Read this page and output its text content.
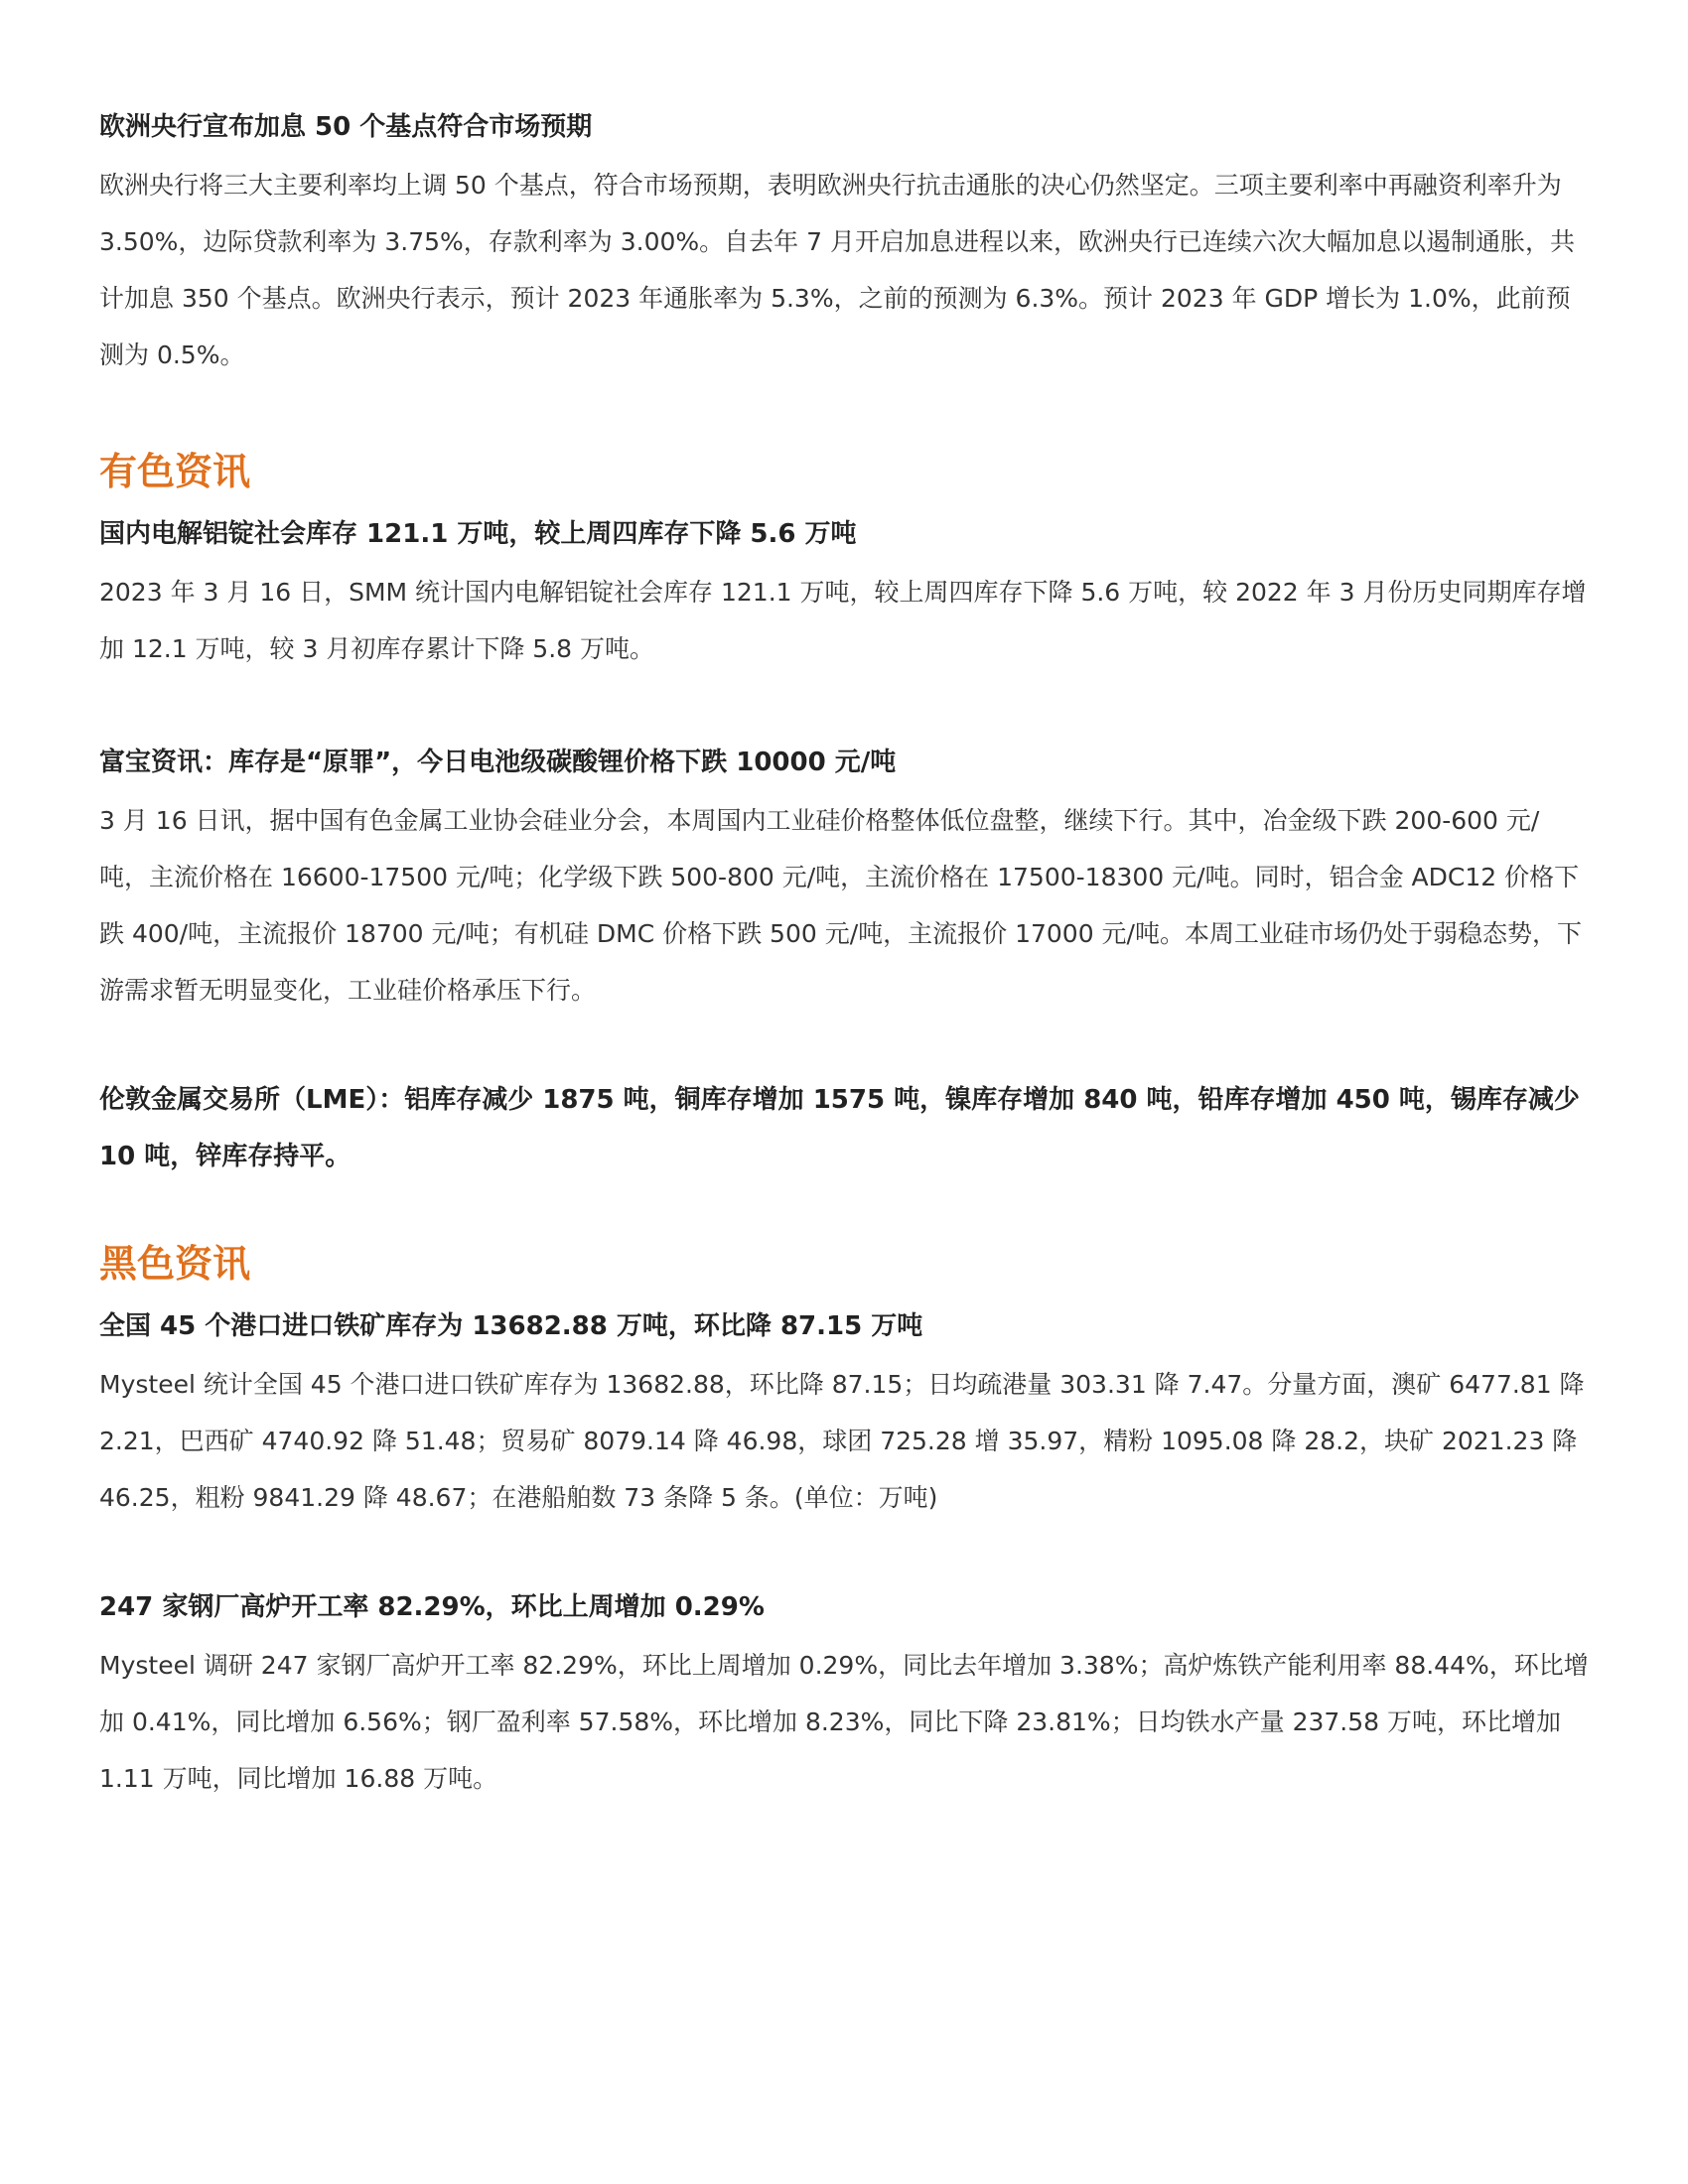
欧洲央行宣布加息 50 个基点符合市场预期

欧洲央行将三大主要利率均上调 50 个基点，符合市场预期，表明欧洲央行抗击通胀的决心仍然坚定。三项主要利率中再融资利率升为 3.50%，边际贷款利率为 3.75%，存款利率为 3.00%。自去年 7 月开启加息进程以来，欧洲央行已连续六次大幅加息以遏制通胀，共计加息 350 个基点。欧洲央行表示，预计 2023 年通胀率为 5.3%，之前的预测为 6.3%。预计 2023 年 GDP 增长为 1.0%，此前预测为 0.5%。

有色资讯

国内电解铝锭社会库存 121.1 万吨，较上周四库存下降 5.6 万吨

2023 年 3 月 16 日，SMM 统计国内电解铝锭社会库存 121.1 万吨，较上周四库存下降 5.6 万吨，较 2022 年 3 月份历史同期库存增加 12.1 万吨，较 3 月初库存累计下降 5.8 万吨。

富宝资讯：库存是“原罪”，今日电池级碳酸锂价格下跌 10000 元/吨

3 月 16 日讯，据中国有色金属工业协会硅业分会，本周国内工业硅价格整体低位盘整，继续下行。其中，冶金级下跌 200-600 元/吨，主流价格在 16600-17500 元/吨；化学级下跌 500-800 元/吨，主流价格在 17500-18300 元/吨。同时，铝合金 ADC12 价格下跌 400/吨，主流报价 18700 元/吨；有机硅 DMC 价格下跌 500 元/吨，主流报价 17000 元/吨。本周工业硅市场仍处于弱稳态势，下游需求暂无明显变化，工业硅价格承压下行。

伦敦金属交易所（LME）：铝库存减少 1875 吨，铜库存增加 1575 吨，镍库存增加 840 吨，铅库存增加 450 吨，锡库存减少 10 吨，锌库存持平。

黑色资讯

全国 45 个港口进口铁矿库存为 13682.88 万吨，环比降 87.15 万吨

Mysteel 统计全国 45 个港口进口铁矿库存为 13682.88，环比降 87.15；日均疏港量 303.31 降 7.47。分量方面，澳矿 6477.81 降 2.21，巴西矿 4740.92 降 51.48；贸易矿 8079.14 降 46.98，球团 725.28 增 35.97，精粉 1095.08 降 28.2，块矿 2021.23 降 46.25，粗粉 9841.29 降 48.67；在港船舶数 73 条降 5 条。(单位：万吨)

247 家钢厂高炉开工率 82.29%，环比上周增加 0.29%

Mysteel 调研 247 家钢厂高炉开工率 82.29%，环比上周增加 0.29%，同比去年增加 3.38%；高炉炼铁产能利用率 88.44%，环比增加 0.41%，同比增加 6.56%；钢厂盈利率 57.58%，环比增加 8.23%，同比下降 23.81%；日均铁水产量 237.58 万吨，环比增加 1.11 万吨，同比增加 16.88 万吨。
